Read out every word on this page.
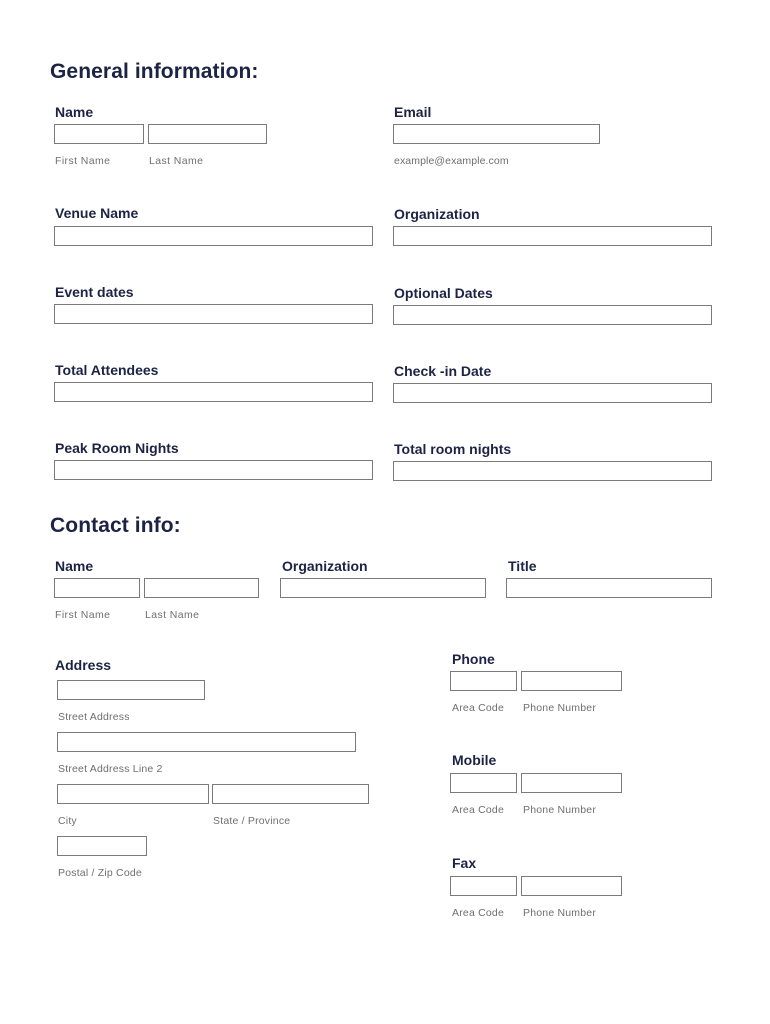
General information:
Name
First Name	Last Name
Email
example@example.com
Venue Name	Organization
Event dates	Optional Dates
Total Attendees	Check -in Date
Peak Room Nights	Total room nights
Contact info:
Name
First Name	Last Name
Organization	Title
Address
Street Address
Street Address Line 2
City	State / Province
Postal / Zip Code
Phone
Area Code Phone Number
Mobile
Area Code Phone Number
Fax
Area Code Phone Number
